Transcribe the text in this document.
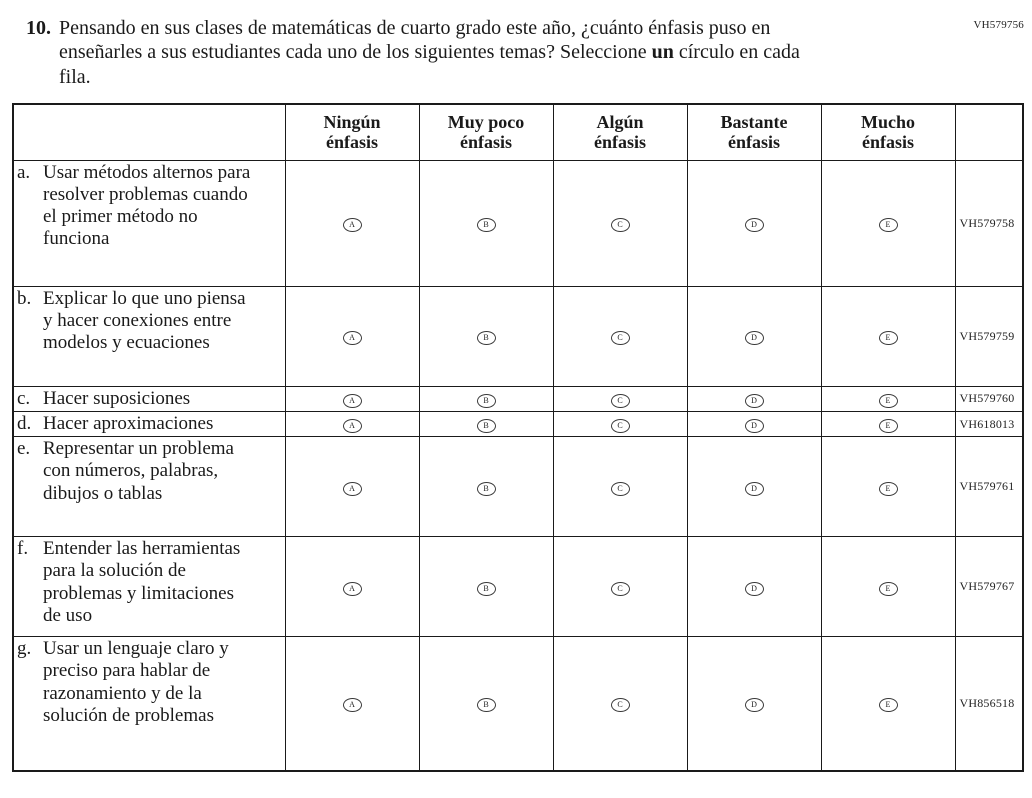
VH579756
10. Pensando en sus clases de matemáticas de cuarto grado este año, ¿cuánto énfasis puso en enseñarles a sus estudiantes cada uno de los siguientes temas? Seleccione un círculo en cada fila.

	Ningún énfasis	Muy poco énfasis	Algún énfasis	Bastante énfasis	Mucho énfasis	

a. Usar métodos alternos para resolver problemas cuando el primer método no funciona	A	B	C	D	E	VH579758

b. Explicar lo que uno piensa y hacer conexiones entre modelos y ecuaciones	A	B	C	D	E	VH579759

c. Hacer suposiciones	A	B	C	D	E	VH579760

d. Hacer aproximaciones	A	B	C	D	E	VH618013

e. Representar un problema con números, palabras, dibujos o tablas	A	B	C	D	E	VH579761

f. Entender las herramientas para la solución de problemas y limitaciones de uso	A	B	C	D	E	VH579767

g. Usar un lenguaje claro y preciso para hablar de razonamiento y de la solución de problemas	A	B	C	D	E	VH856518
